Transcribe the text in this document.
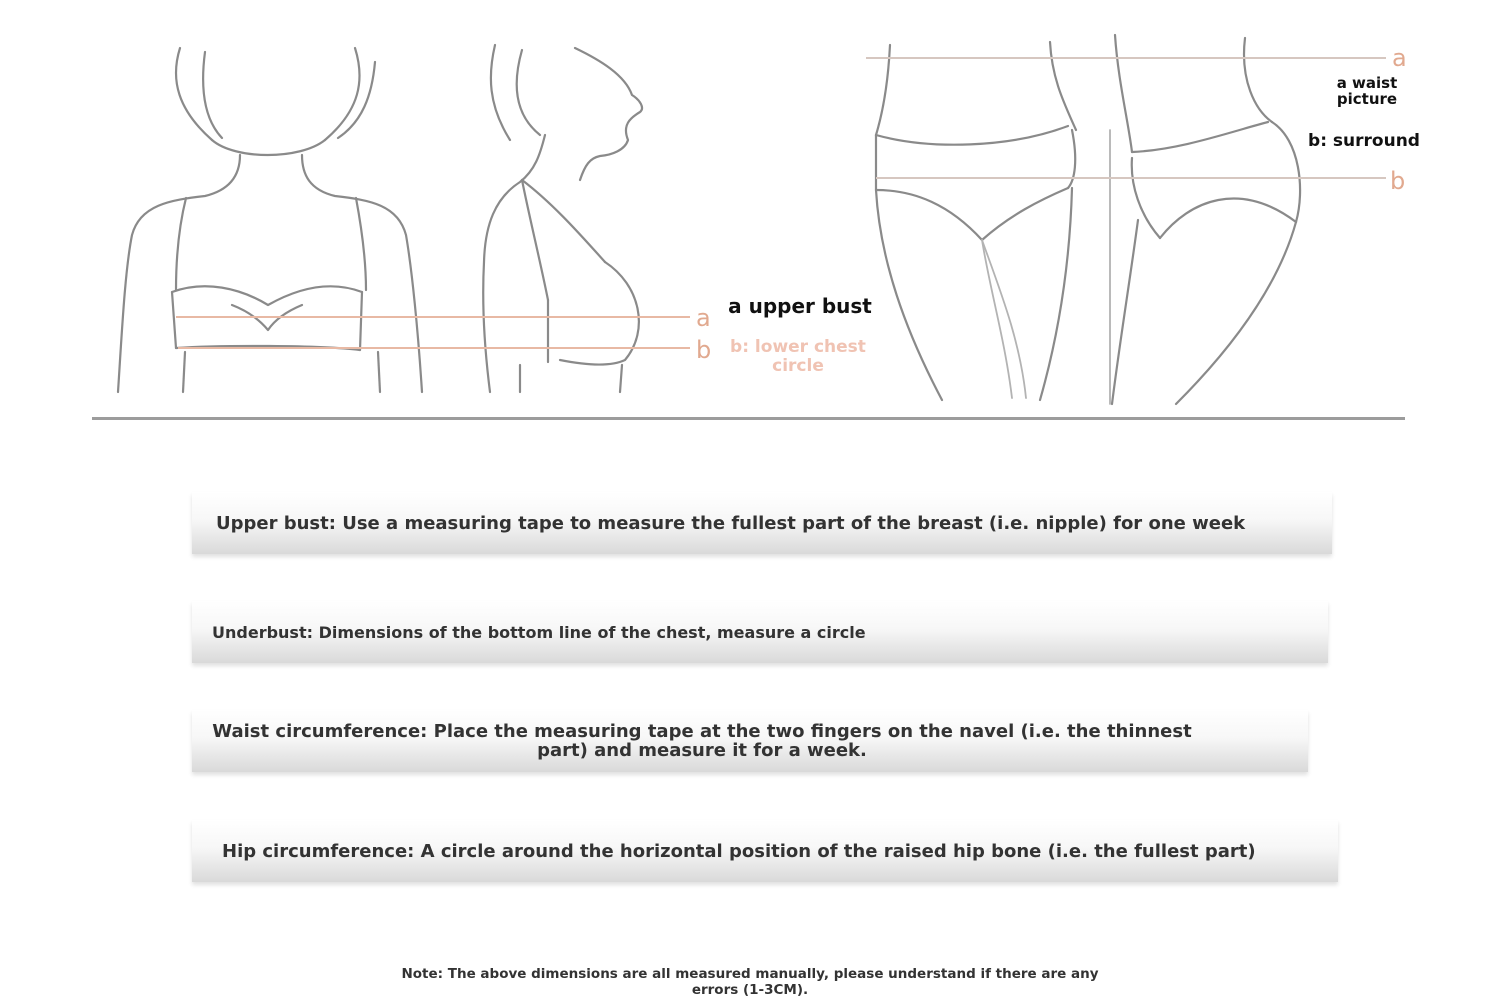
a
b
a
b
a upper bust
b: lower chest circle
a waist picture
b: surround
Upper bust: Use a measuring tape to measure the fullest part of the breast (i.e. nipple) for one week
Underbust: Dimensions of the bottom line of the chest, measure a circle
Waist circumference: Place the measuring tape at the two fingers on the navel (i.e. the thinnest part) and measure it for a week.
Hip circumference: A circle around the horizontal position of the raised hip bone (i.e. the fullest part)
Note: The above dimensions are all measured manually, please understand if there are any errors (1-3CM).
